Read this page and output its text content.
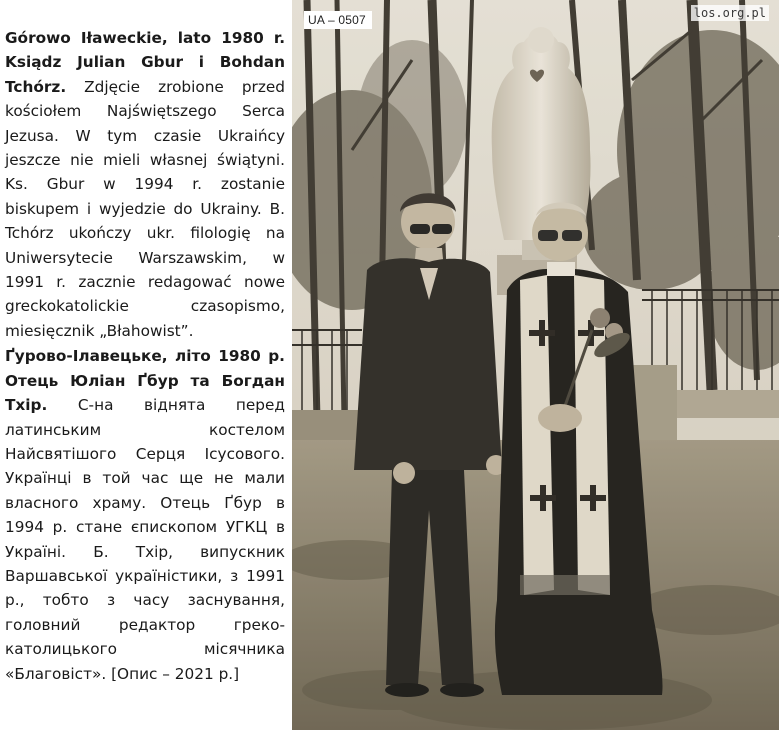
Górowo Iławeckie, lato 1980 r. Ksiądz Julian Gbur i Bohdan Tchórz. Zdjęcie zrobione przed kościołem Najświętszego Serca Jezusa. W tym czasie Ukraińcy jeszcze nie mieli własnej świątyni. Ks. Gbur w 1994 r. zostanie biskupem i wyjedzie do Ukrainy. B. Tchórz ukończy ukr. filologię na Uniwersytecie Warszawskim, w 1991 r. zacznie redagować nowe greckokatolickie czasopismo, miesięcznik „Błahowist”.

Ґурово-Ілавецьке, літо 1980 р. Отець Юліан Ґбур та Богдан Тхір. С-на віднята перед латинським костелом Найсвятішого Серця Ісусового. Українці в той час ще не мали власного храму. Отець Ґбур в 1994 р. стане єпископом УГКЦ в Україні. Б. Тхір, випускник Варшавської україністики, з 1991 р., тобто з часу заснування, головний редактор греко-католицького місячника «Благовіст». [Опис – 2021 р.]

UA – 0507	los.org.pl
